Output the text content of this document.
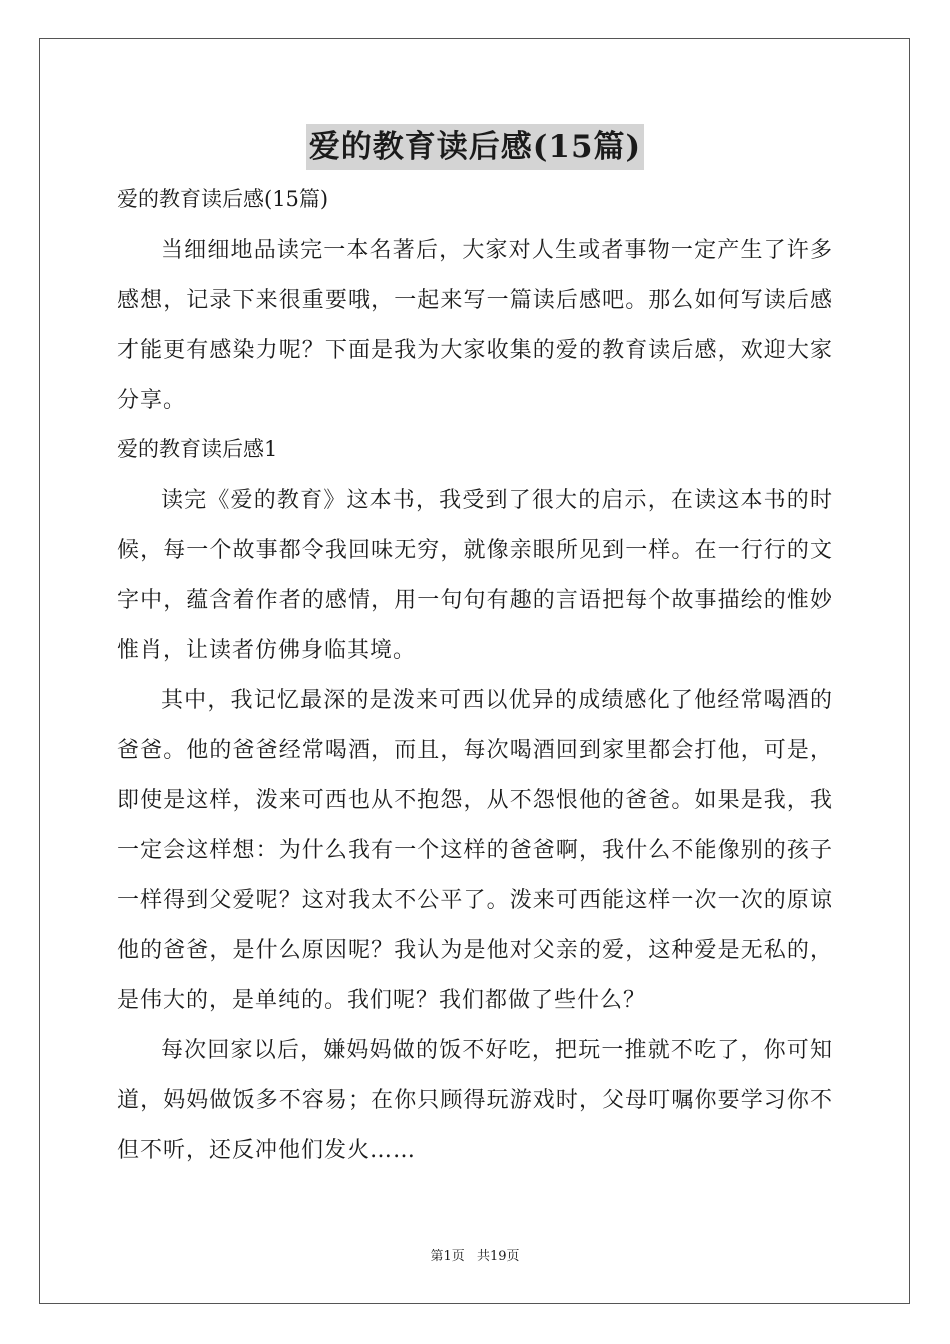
爱的教育读后感(15篇)
爱的教育读后感(15篇)

当细细地品读完一本名著后，大家对人生或者事物一定产生了许多感想，记录下来很重要哦，一起来写一篇读后感吧。那么如何写读后感才能更有感染力呢？下面是我为大家收集的爱的教育读后感，欢迎大家分享。

爱的教育读后感1

读完《爱的教育》这本书，我受到了很大的启示，在读这本书的时候，每一个故事都令我回味无穷，就像亲眼所见到一样。在一行行的文字中，蕴含着作者的感情，用一句句有趣的言语把每个故事描绘的惟妙惟肖，让读者仿佛身临其境。

其中，我记忆最深的是泼来可西以优异的成绩感化了他经常喝酒的爸爸。他的爸爸经常喝酒，而且，每次喝酒回到家里都会打他，可是，即使是这样，泼来可西也从不抱怨，从不怨恨他的爸爸。如果是我，我一定会这样想：为什么我有一个这样的爸爸啊，我什么不能像别的孩子一样得到父爱呢？这对我太不公平了。泼来可西能这样一次一次的原谅他的爸爸，是什么原因呢？我认为是他对父亲的爱，这种爱是无私的，是伟大的，是单纯的。我们呢？我们都做了些什么？

每次回家以后，嫌妈妈做的饭不好吃，把玩一推就不吃了，你可知道，妈妈做饭多不容易；在你只顾得玩游戏时，父母叮嘱你要学习你不但不听，还反冲他们发火……

第1页 共19页
